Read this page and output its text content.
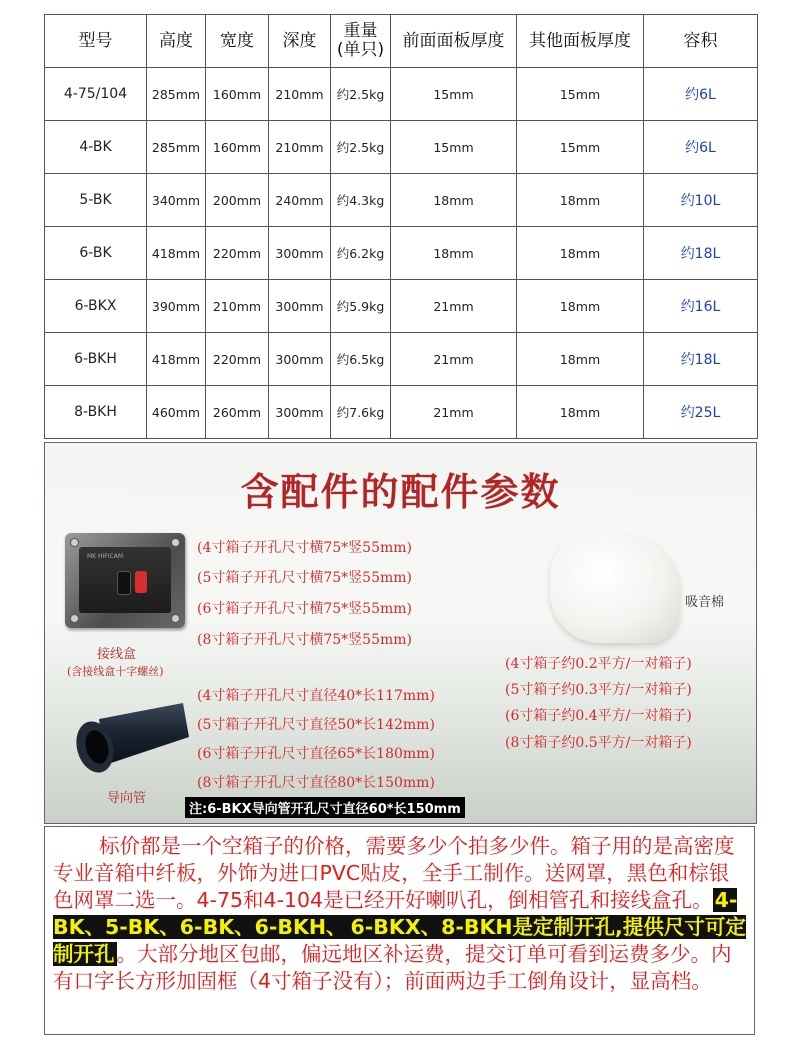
型号	高度	宽度	深度	重量
(单只)	前面面板厚度	其他面板厚度	容积
4-75/104	285mm	160mm	210mm	约2.5kg	15mm	15mm	约6L
4-BK	285mm	160mm	210mm	约2.5kg	15mm	15mm	约6L
5-BK	340mm	200mm	240mm	约4.3kg	18mm	18mm	约10L
6-BK	418mm	220mm	300mm	约6.2kg	18mm	18mm	约18L
6-BKX	390mm	210mm	300mm	约5.9kg	21mm	18mm	约16L
6-BKH	418mm	220mm	300mm	约6.5kg	21mm	18mm	约18L
8-BKH	460mm	260mm	300mm	约7.6kg	21mm	18mm	约25L
含配件的配件参数
MK HIFICAM
接线盒
(含接线盒十字螺丝)
(4寸箱子开孔尺寸横75*竖55mm)
(5寸箱子开孔尺寸横75*竖55mm)
(6寸箱子开孔尺寸横75*竖55mm)
(8寸箱子开孔尺寸横75*竖55mm)
吸音棉
(4寸箱子约0.2平方/一对箱子)
(5寸箱子约0.3平方/一对箱子)
(6寸箱子约0.4平方/一对箱子)
(8寸箱子约0.5平方/一对箱子)
(4寸箱子开孔尺寸直径40*长117mm)
(5寸箱子开孔尺寸直径50*长142mm)
(6寸箱子开孔尺寸直径65*长180mm)
(8寸箱子开孔尺寸直径80*长150mm)
导向管
注:6-BKX导向管开孔尺寸直径60*长150mm
标价都是一个空箱子的价格，需要多少个拍多少件。箱子用的是高密度专业音箱中纤板，外饰为进口PVC贴皮，全手工制作。送网罩，黑色和棕银色网罩二选一。4-75和4-104是已经开好喇叭孔，倒相管孔和接线盒孔。4-BK、5-BK、6-BK、6-BKH、 6-BKX、8-BKH是定制开孔,提供尺寸可定制开孔。大部分地区包邮，偏远地区补运费，提交订单可看到运费多少。内有口字长方形加固框（4寸箱子没有）；前面两边手工倒角设计，显高档。
